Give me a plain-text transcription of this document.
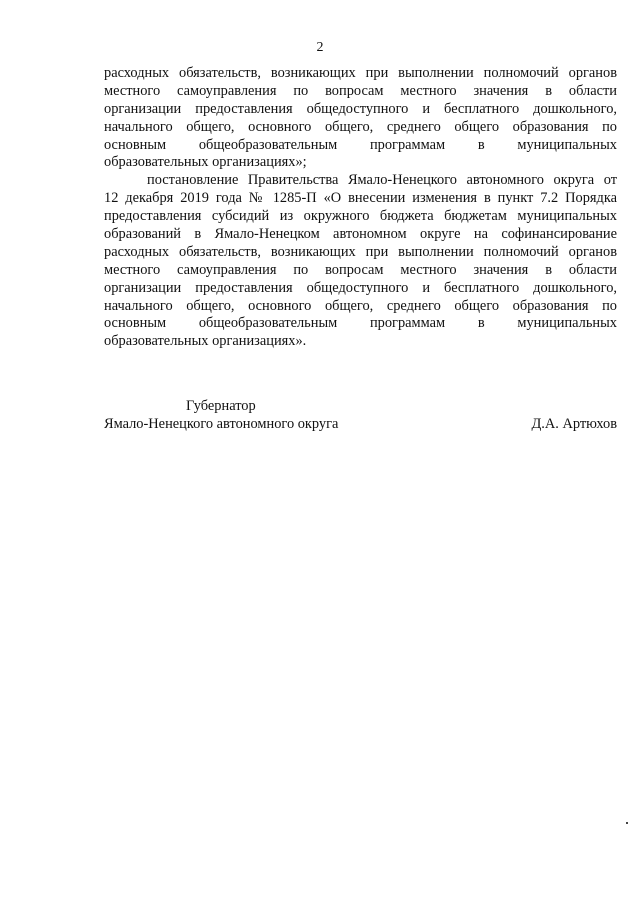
2
расходных обязательств, возникающих при выполнении полномочий органов
местного самоуправления по вопросам местного значения в области
организации предоставления общедоступного и бесплатного дошкольного,
начального общего, основного общего, среднего общего образования по
основным общеобразовательным программам в муниципальных
образовательных организациях»;
постановление Правительства Ямало-Ненецкого автономного округа от
12 декабря 2019 года № 1285-П «О внесении изменения в пункт 7.2 Порядка
предоставления субсидий из окружного бюджета бюджетам муниципальных
образований в Ямало-Ненецком автономном округе на софинансирование
расходных обязательств, возникающих при выполнении полномочий органов
местного самоуправления по вопросам местного значения в области
организации предоставления общедоступного и бесплатного дошкольного,
начального общего, основного общего, среднего общего образования по
основным общеобразовательным программам в муниципальных
образовательных организациях».
Губернатор
Ямало-Ненецкого автономного округа	Д.А. Артюхов
